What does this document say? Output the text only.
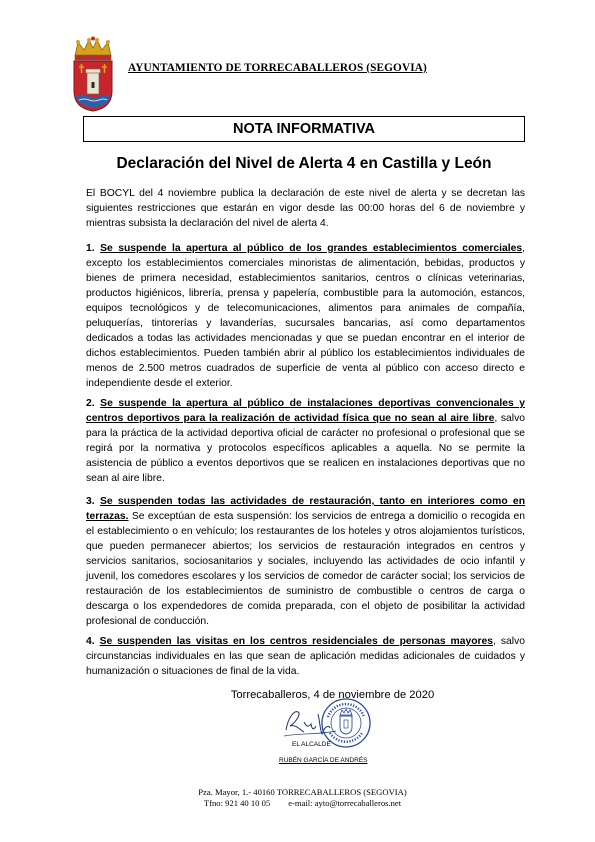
AYUNTAMIENTO DE TORRECABALLEROS (SEGOVIA)
NOTA INFORMATIVA
Declaración del Nivel de Alerta 4 en Castilla y León
El BOCYL del 4 noviembre publica la declaración de este nivel de alerta y se decretan las siguientes restricciones que estarán en vigor desde las 00:00 horas del 6 de noviembre y mientras subsista la declaración del nivel de alerta 4.
1. Se suspende la apertura al público de los grandes establecimientos comerciales, excepto los establecimientos comerciales minoristas de alimentación, bebidas, productos y bienes de primera necesidad, establecimientos sanitarios, centros o clínicas veterinarias, productos higiénicos, librería, prensa y papelería, combustible para la automoción, estancos, equipos tecnológicos y de telecomunicaciones, alimentos para animales de compañía, peluquerías, tintorerías y lavanderías, sucursales bancarias, así como departamentos dedicados a todas las actividades mencionadas y que se puedan encontrar en el interior de dichos establecimientos. Pueden también abrir al público los establecimientos individuales de menos de 2.500 metros cuadrados de superficie de venta al público con acceso directo e independiente desde el exterior.
2. Se suspende la apertura al público de instalaciones deportivas convencionales y centros deportivos para la realización de actividad física que no sean al aire libre, salvo para la práctica de la actividad deportiva oficial de carácter no profesional o profesional que se regirá por la normativa y protocolos específicos aplicables a aquella. No se permite la asistencia de público a eventos deportivos que se realicen en instalaciones deportivas que no sean al aire libre.
3. Se suspenden todas las actividades de restauración, tanto en interiores como en terrazas. Se exceptúan de esta suspensión: los servicios de entrega a domicilio o recogida en el establecimiento o en vehículo; los restaurantes de los hoteles y otros alojamientos turísticos, que pueden permanecer abiertos; los servicios de restauración integrados en centros y servicios sanitarios, sociosanitarios y sociales, incluyendo las actividades de ocio infantil y juvenil, los comedores escolares y los servicios de comedor de carácter social; los servicios de restauración de los establecimientos de suministro de combustible o centros de carga o descarga o los expendedores de comida preparada, con el objeto de posibilitar la actividad profesional de conducción.
4. Se suspenden las visitas en los centros residenciales de personas mayores, salvo circunstancias individuales en las que sean de aplicación medidas adicionales de cuidados y humanización o situaciones de final de la vida.
Torrecaballeros, 4 de noviembre de 2020
EL ALCALDE
RUBÉN GARCÍA DE ANDRÉS
Pza. Mayor, 1.- 40160 TORRECABALLEROS (SEGOVIA)
Tfno: 921 40 10 05 e-mail: ayto@torrecaballeros.net
